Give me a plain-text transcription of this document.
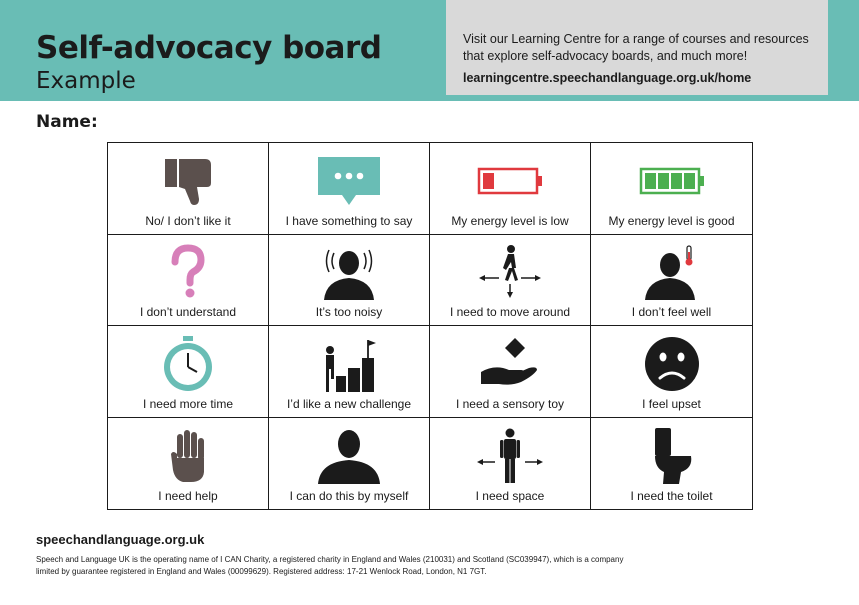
Self-advocacy board
Example
Visit our Learning Centre for a range of courses and resources that explore self-advocacy boards, and much more!
learningcentre.speechandlanguage.org.uk/home
Name:
No/ I don’t like it	I have something to say	My energy level is low	My energy level is good
I don’t understand	It’s too noisy	I need to move around	I don’t feel well
I need more time	I’d like a new challenge	I need a sensory toy	I feel upset
I need help	I can do this by myself	I need space	I need the toilet
speechandlanguage.org.uk
Speech and Language UK is the operating name of I CAN Charity, a registered charity in England and Wales (210031) and Scotland (SC039947), which is a company limited by guarantee registered in England and Wales (00099629). Registered address: 17-21 Wenlock Road, London, N1 7GT.
